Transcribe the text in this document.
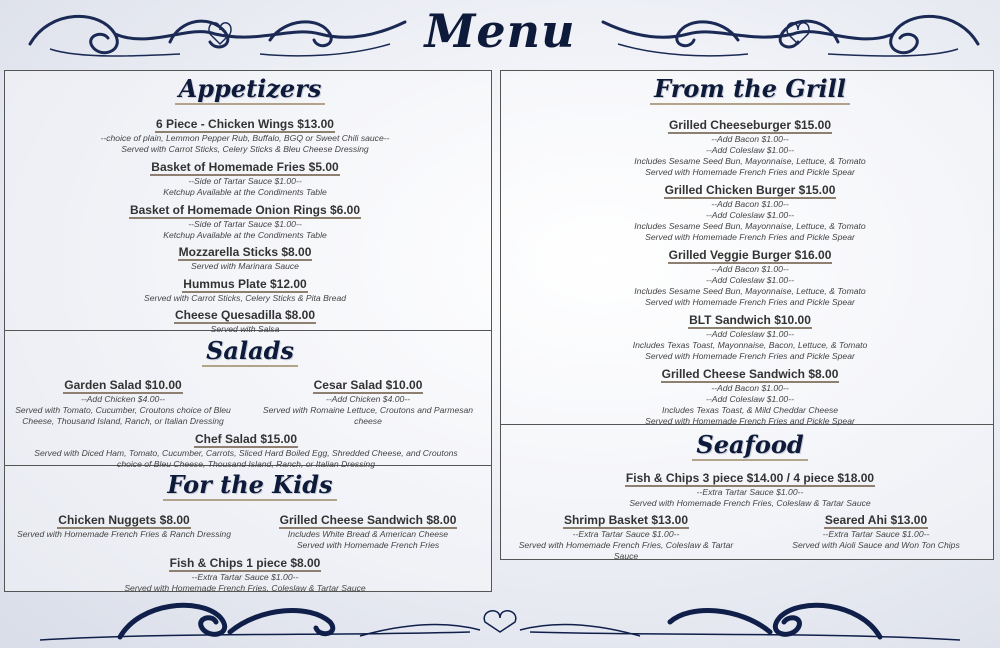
Menu
Appetizers
Salads
For the Kids
From the Grill
Seafood
6 Piece - Chicken Wings $13.00
--choice of plain, Lemmon Pepper Rub, Buffalo, BGQ or Sweet Chili sauce--
Served with Carrot Sticks, Celery Sticks & Bleu Cheese Dressing
Basket of Homemade Fries $5.00
--Side of Tartar Sauce $1.00--
Ketchup Available at the Condiments Table
Basket of Homemade Onion Rings $6.00
--Side of Tartar Sauce $1.00--
Ketchup Available at the Condiments Table
Mozzarella Sticks $8.00
Served with Marinara Sauce
Hummus Plate $12.00
Served with Carrot Sticks, Celery Sticks & Pita Bread
Cheese Quesadilla $8.00
Served with Salsa
Garden Salad $10.00
--Add Chicken $4.00--
Served with Tomato, Cucumber, Croutons choice of Bleu
Cheese, Thousand Island, Ranch, or Italian Dressing
Cesar Salad $10.00
--Add Chicken $4.00--
Served with Romaine Lettuce, Croutons and Parmesan
cheese
Chef Salad $15.00
Served with Diced Ham, Tomato, Cucumber, Carrots, Sliced Hard Boiled Egg, Shredded Cheese, and Croutons
choice of Bleu Cheese, Thousand Island, Ranch, or Italian Dressing
Chicken Nuggets $8.00
Served with Homemade French Fries & Ranch Dressing
Grilled Cheese Sandwich $8.00
Includes White Bread & American Cheese
Served with Homemade French Fries
Fish & Chips 1 piece $8.00
--Extra Tartar Sauce $1.00--
Served with Homemade French Fries, Coleslaw & Tartar Sauce
Grilled Cheeseburger $15.00
--Add Bacon $1.00--
--Add Coleslaw $1.00--
Includes Sesame Seed Bun, Mayonnaise, Lettuce, & Tomato
Served with Homemade French Fries and Pickle Spear
Grilled Chicken Burger $15.00
--Add Bacon $1.00--
--Add Coleslaw $1.00--
Includes Sesame Seed Bun, Mayonnaise, Lettuce, & Tomato
Served with Homemade French Fries and Pickle Spear
Grilled Veggie Burger $16.00
--Add Bacon $1.00--
--Add Coleslaw $1.00--
Includes Sesame Seed Bun, Mayonnaise, Lettuce, & Tomato
Served with Homemade French Fries and Pickle Spear
BLT Sandwich $10.00
--Add Coleslaw $1.00--
Includes Texas Toast, Mayonnaise, Bacon, Lettuce, & Tomato
Served with Homemade French Fries and Pickle Spear
Grilled Cheese Sandwich $8.00
--Add Bacon $1.00--
--Add Coleslaw $1.00--
Includes Texas Toast, & Mild Cheddar Cheese
Served with Homemade French Fries and Pickle Spear
Fish & Chips 3 piece $14.00 / 4 piece $18.00
--Extra Tartar Sauce $1.00--
Served with Homemade French Fries, Coleslaw & Tartar Sauce
Shrimp Basket $13.00
--Extra Tartar Sauce $1.00--
Served with Homemade French Fries, Coleslaw & Tartar
Sauce
Seared Ahi $13.00
--Extra Tartar Sauce $1.00--
Served with Aioli Sauce and Won Ton Chips
